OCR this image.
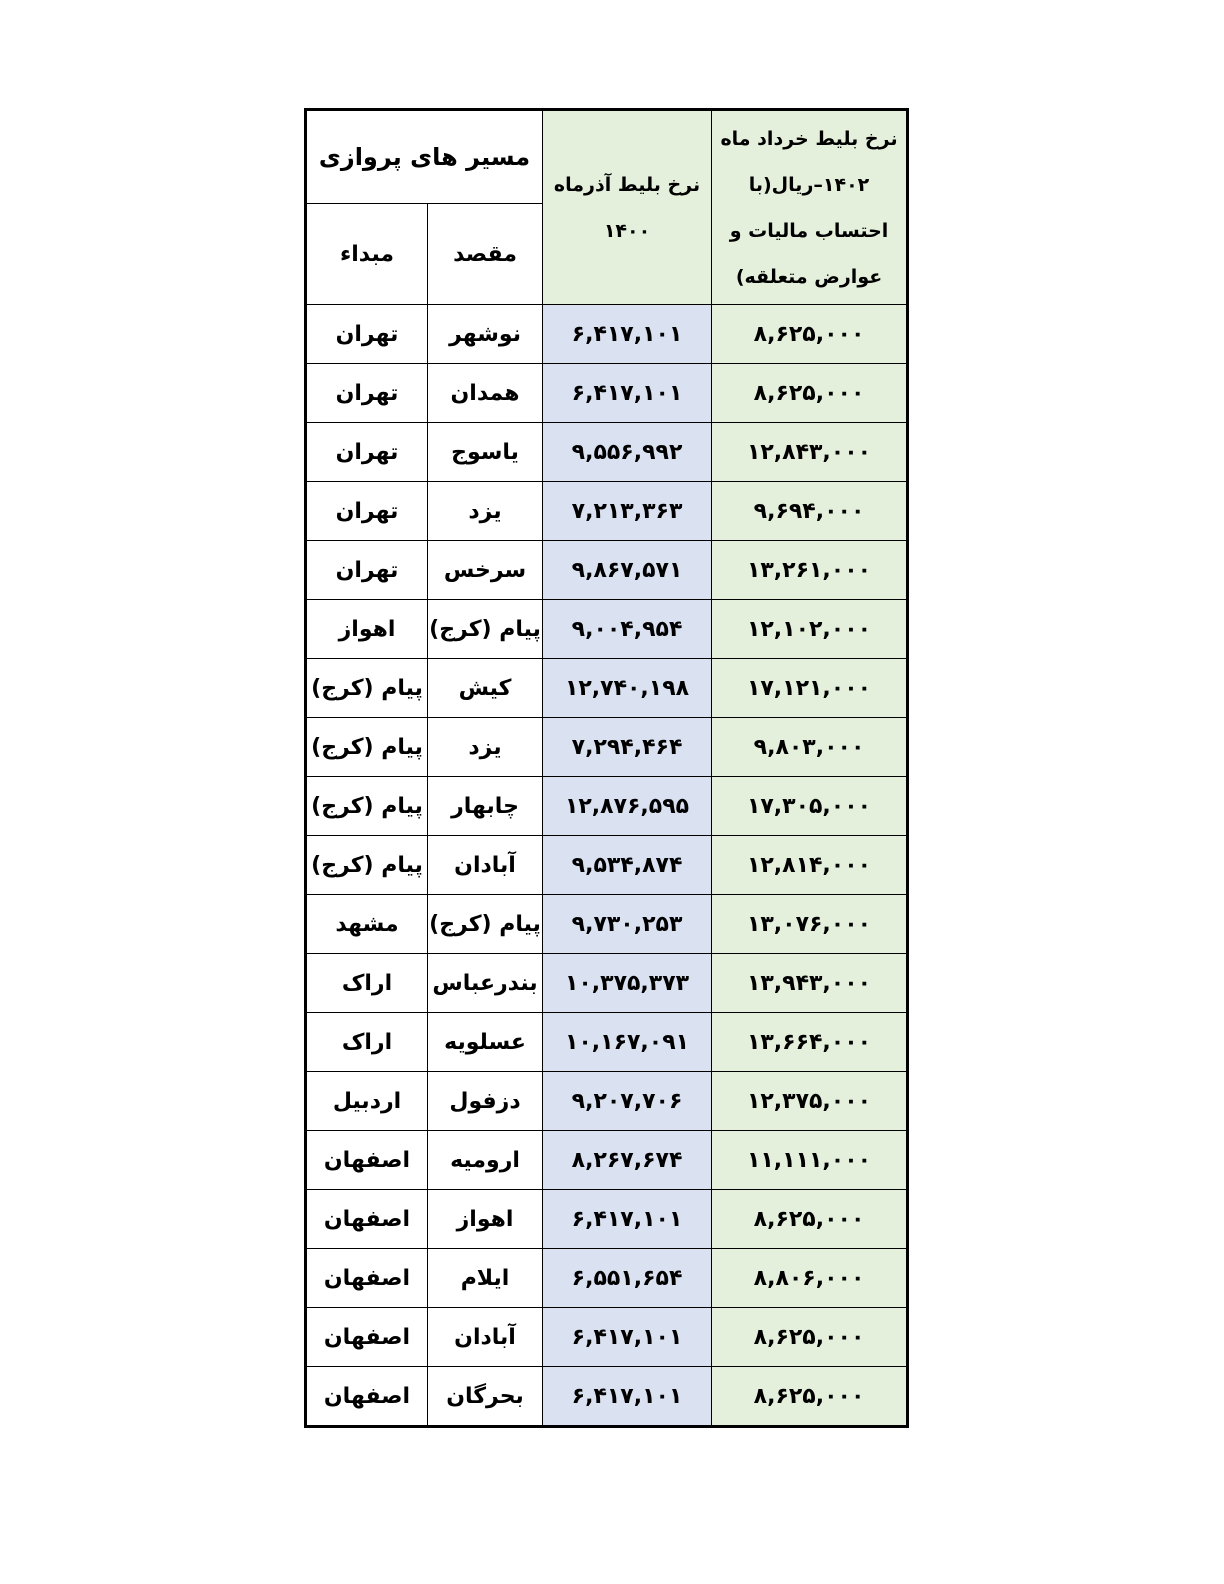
نرخ بلیط خرداد ماه ۱۴۰۲–ریال(با احتساب مالیات و عوارض متعلقه)	نرخ بلیط آذرماه ۱۴۰۰	مسیر های پروازی	
		مقصد	مبداء
۸,۶۲۵,۰۰۰	۶,۴۱۷,۱۰۱	نوشهر	تهران
۸,۶۲۵,۰۰۰	۶,۴۱۷,۱۰۱	همدان	تهران
۱۲,۸۴۳,۰۰۰	۹,۵۵۶,۹۹۲	یاسوج	تهران
۹,۶۹۴,۰۰۰	۷,۲۱۳,۳۶۳	یزد	تهران
۱۳,۲۶۱,۰۰۰	۹,۸۶۷,۵۷۱	سرخس	تهران
۱۲,۱۰۲,۰۰۰	۹,۰۰۴,۹۵۴	پیام (کرج)	اهواز
۱۷,۱۲۱,۰۰۰	۱۲,۷۴۰,۱۹۸	کیش	پیام (کرج)
۹,۸۰۳,۰۰۰	۷,۲۹۴,۴۶۴	یزد	پیام (کرج)
۱۷,۳۰۵,۰۰۰	۱۲,۸۷۶,۵۹۵	چابهار	پیام (کرج)
۱۲,۸۱۴,۰۰۰	۹,۵۳۴,۸۷۴	آبادان	پیام (کرج)
۱۳,۰۷۶,۰۰۰	۹,۷۳۰,۲۵۳	پیام (کرج)	مشهد
۱۳,۹۴۳,۰۰۰	۱۰,۳۷۵,۳۷۳	بندرعباس	اراک
۱۳,۶۶۴,۰۰۰	۱۰,۱۶۷,۰۹۱	عسلویه	اراک
۱۲,۳۷۵,۰۰۰	۹,۲۰۷,۷۰۶	دزفول	اردبیل
۱۱,۱۱۱,۰۰۰	۸,۲۶۷,۶۷۴	ارومیه	اصفهان
۸,۶۲۵,۰۰۰	۶,۴۱۷,۱۰۱	اهواز	اصفهان
۸,۸۰۶,۰۰۰	۶,۵۵۱,۶۵۴	ایلام	اصفهان
۸,۶۲۵,۰۰۰	۶,۴۱۷,۱۰۱	آبادان	اصفهان
۸,۶۲۵,۰۰۰	۶,۴۱۷,۱۰۱	بحرگان	اصفهان
